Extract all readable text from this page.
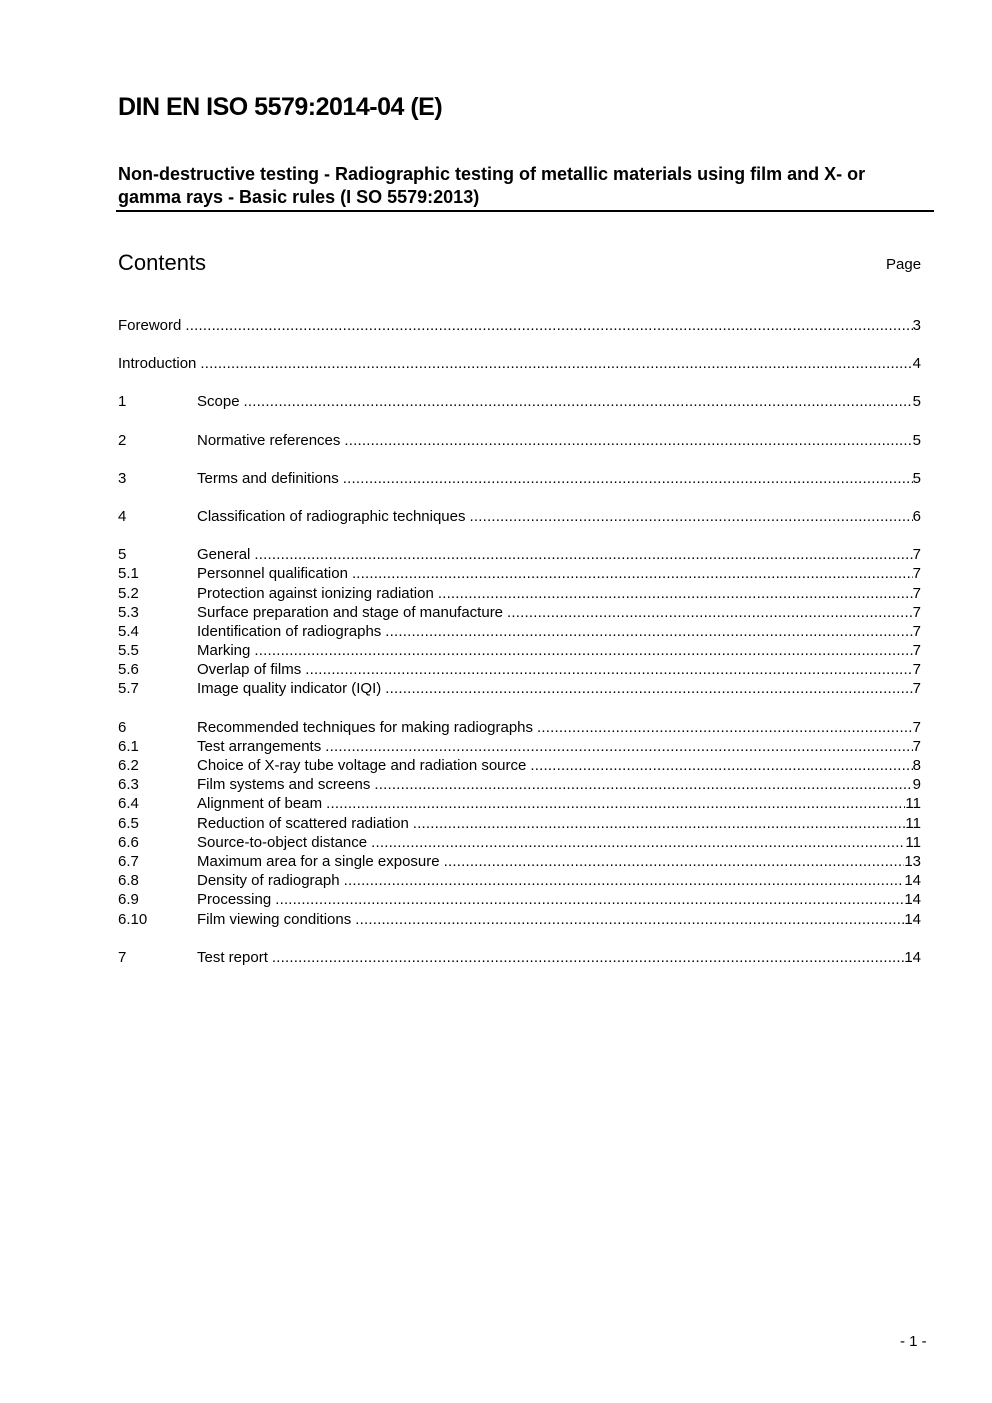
DIN EN ISO 5579:2014-04 (E)
Non-destructive testing - Radiographic testing of metallic materials using film and X- or gamma rays - Basic rules (I SO 5579:2013)
Contents	Page
Foreword .....	3
Introduction .....	4
1	Scope .....	5
2	Normative references .....	5
3	Terms and definitions .....	5
4	Classification of radiographic techniques .....	6
5	General .....	7
5.1	Personnel qualification .....	7
5.2	Protection against ionizing radiation .....	7
5.3	Surface preparation and stage of manufacture .....	7
5.4	Identification of radiographs .....	7
5.5	Marking .....	7
5.6	Overlap of films .....	7
5.7	Image quality indicator (IQI) .....	7
6	Recommended techniques for making radiographs .....	7
6.1	Test arrangements .....	7
6.2	Choice of X-ray tube voltage and radiation source .....	8
6.3	Film systems and screens .....	9
6.4	Alignment of beam .....	11
6.5	Reduction of scattered radiation .....	11
6.6	Source-to-object distance .....	11
6.7	Maximum area for a single exposure .....	13
6.8	Density of radiograph .....	14
6.9	Processing .....	14
6.10	Film viewing conditions .....	14
7	Test report .....	14
- 1 -
